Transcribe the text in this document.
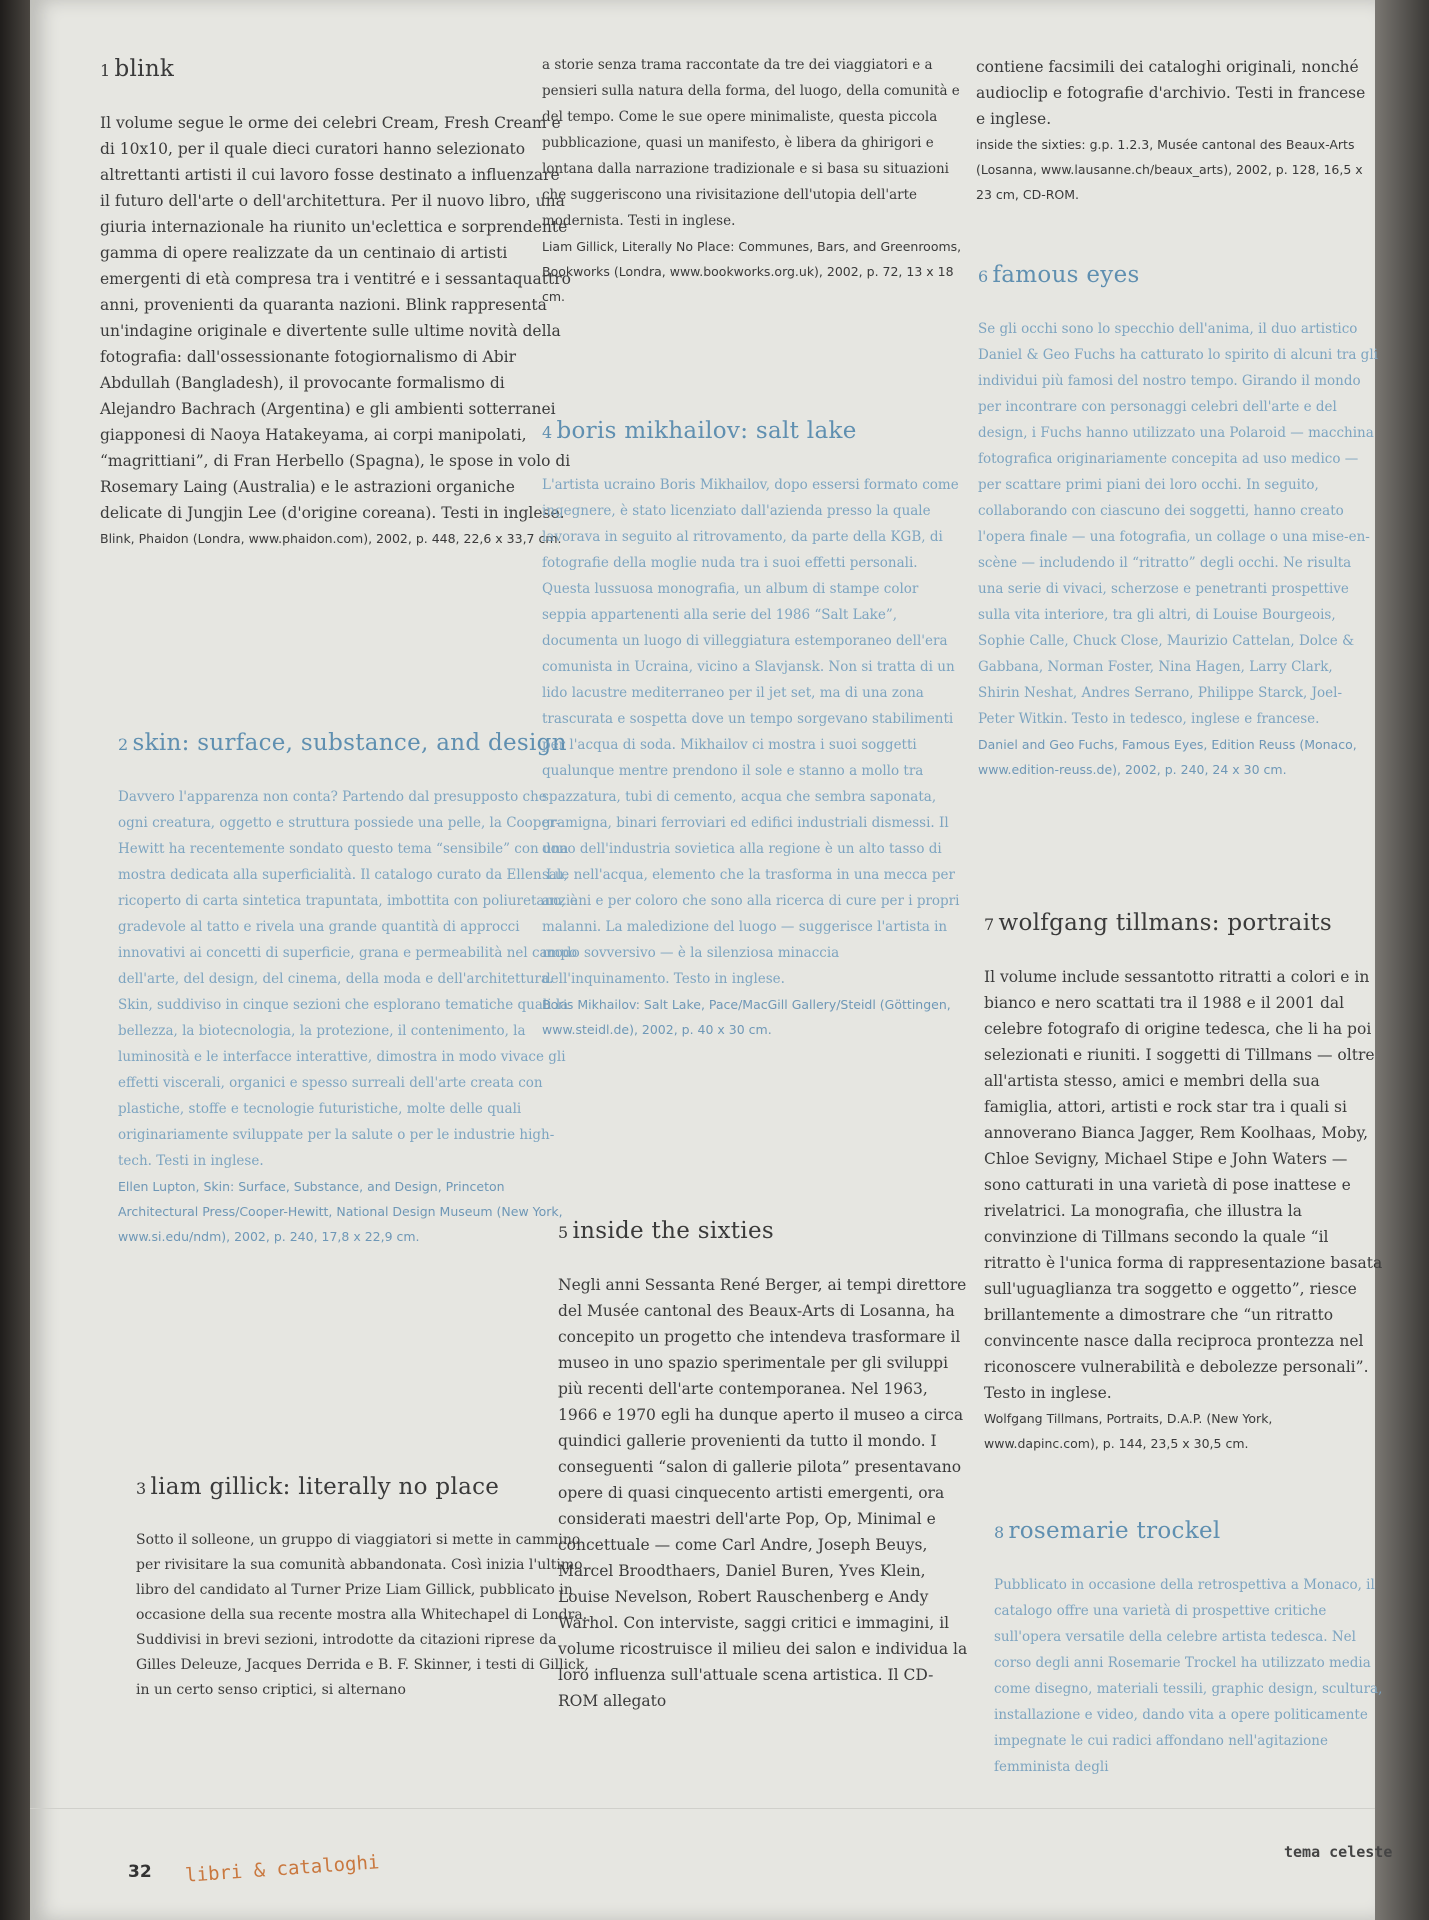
1 blink

Il volume segue le orme dei celebri Cream, Fresh Cream e di 10x10, per il quale dieci curatori hanno selezionato altrettanti artisti il cui lavoro fosse destinato a influenzare il futuro dell'arte o dell'architettura. Per il nuovo libro, una giuria internazionale ha riunito un'eclettica e sorprendente gamma di opere realizzate da un centinaio di artisti emergenti di età compresa tra i ventitré e i sessantaquattro anni, provenienti da quaranta nazioni. Blink rappresenta un'indagine originale e divertente sulle ultime novità della fotografia: dall'ossessionante fotogiornalismo di Abir Abdullah (Bangladesh), il provocante formalismo di Alejandro Bachrach (Argentina) e gli ambienti sotterranei giapponesi di Naoya Hatakeyama, ai corpi manipolati, “magrittiani”, di Fran Herbello (Spagna), le spose in volo di Rosemary Laing (Australia) e le astrazioni organiche delicate di Jungjin Lee (d'origine coreana). Testi in inglese.

Blink, Phaidon (Londra, www.phaidon.com), 2002, p. 448, 22,6 x 33,7 cm.

2 skin: surface, substance, and design

Davvero l'apparenza non conta? Partendo dal presupposto che ogni creatura, oggetto e struttura possiede una pelle, la Cooper-Hewitt ha recentemente sondato questo tema “sensibile” con una mostra dedicata alla superficialità. Il catalogo curato da Ellen Lu, ricoperto di carta sintetica trapuntata, imbottita con poliuretano, è gradevole al tatto e rivela una grande quantità di approcci innovativi ai concetti di superficie, grana e permeabilità nel campo dell'arte, del design, del cinema, della moda e dell'architettura. Skin, suddiviso in cinque sezioni che esplorano tematiche quali la bellezza, la biotecnologia, la protezione, il contenimento, la luminosità e le interfacce interattive, dimostra in modo vivace gli effetti viscerali, organici e spesso surreali dell'arte creata con plastiche, stoffe e tecnologie futuristiche, molte delle quali originariamente sviluppate per la salute o per le industrie high-tech. Testi in inglese.

Ellen Lupton, Skin: Surface, Substance, and Design, Princeton Architectural Press/Cooper-Hewitt, National Design Museum (New York, www.si.edu/ndm), 2002, p. 240, 17,8 x 22,9 cm.

3 liam gillick: literally no place

Sotto il solleone, un gruppo di viaggiatori si mette in cammino per rivisitare la sua comunità abbandonata. Così inizia l'ultimo libro del candidato al Turner Prize Liam Gillick, pubblicato in occasione della sua recente mostra alla Whitechapel di Londra. Suddivisi in brevi sezioni, introdotte da citazioni riprese da Gilles Deleuze, Jacques Derrida e B. F. Skinner, i testi di Gillick, in un certo senso criptici, si alternano

a storie senza trama raccontate da tre dei viaggiatori e a pensieri sulla natura della forma, del luogo, della comunità e del tempo. Come le sue opere minimaliste, questa piccola pubblicazione, quasi un manifesto, è libera da ghirigori e lontana dalla narrazione tradizionale e si basa su situazioni che suggeriscono una rivisitazione dell'utopia dell'arte modernista. Testi in inglese.

Liam Gillick, Literally No Place: Communes, Bars, and Greenrooms, Bookworks (Londra, www.bookworks.org.uk), 2002, p. 72, 13 x 18 cm.

4 boris mikhailov: salt lake

L'artista ucraino Boris Mikhailov, dopo essersi formato come ingegnere, è stato licenziato dall'azienda presso la quale lavorava in seguito al ritrovamento, da parte della KGB, di fotografie della moglie nuda tra i suoi effetti personali. Questa lussuosa monografia, un album di stampe color seppia appartenenti alla serie del 1986 “Salt Lake”, documenta un luogo di villeggiatura estemporaneo dell'era comunista in Ucraina, vicino a Slavjansk. Non si tratta di un lido lacustre mediterraneo per il jet set, ma di una zona trascurata e sospetta dove un tempo sorgevano stabilimenti per l'acqua di soda. Mikhailov ci mostra i suoi soggetti qualunque mentre prendono il sole e stanno a mollo tra spazzatura, tubi di cemento, acqua che sembra saponata, gramigna, binari ferroviari ed edifici industriali dismessi. Il dono dell'industria sovietica alla regione è un alto tasso di sale nell'acqua, elemento che la trasforma in una mecca per anziani e per coloro che sono alla ricerca di cure per i propri malanni. La maledizione del luogo — suggerisce l'artista in modo sovversivo — è la silenziosa minaccia dell'inquinamento. Testo in inglese.

Boris Mikhailov: Salt Lake, Pace/MacGill Gallery/Steidl (Göttingen, www.steidl.de), 2002, p. 40 x 30 cm.

5 inside the sixties

Negli anni Sessanta René Berger, ai tempi direttore del Musée cantonal des Beaux-Arts di Losanna, ha concepito un progetto che intendeva trasformare il museo in uno spazio sperimentale per gli sviluppi più recenti dell'arte contemporanea. Nel 1963, 1966 e 1970 egli ha dunque aperto il museo a circa quindici gallerie provenienti da tutto il mondo. I conseguenti “salon di gallerie pilota” presentavano opere di quasi cinquecento artisti emergenti, ora considerati maestri dell'arte Pop, Op, Minimal e concettuale — come Carl Andre, Joseph Beuys, Marcel Broodthaers, Daniel Buren, Yves Klein, Louise Nevelson, Robert Rauschenberg e Andy Warhol. Con interviste, saggi critici e immagini, il volume ricostruisce il milieu dei salon e individua la loro influenza sull'attuale scena artistica. Il CD-ROM allegato

contiene facsimili dei cataloghi originali, nonché audioclip e fotografie d'archivio. Testi in francese e inglese.

inside the sixties: g.p. 1.2.3, Musée cantonal des Beaux-Arts (Losanna, www.lausanne.ch/beaux_arts), 2002, p. 128, 16,5 x 23 cm, CD-ROM.

6 famous eyes

Se gli occhi sono lo specchio dell'anima, il duo artistico Daniel & Geo Fuchs ha catturato lo spirito di alcuni tra gli individui più famosi del nostro tempo. Girando il mondo per incontrare con personaggi celebri dell'arte e del design, i Fuchs hanno utilizzato una Polaroid — macchina fotografica originariamente concepita ad uso medico — per scattare primi piani dei loro occhi. In seguito, collaborando con ciascuno dei soggetti, hanno creato l'opera finale — una fotografia, un collage o una mise-en-scène — includendo il “ritratto” degli occhi. Ne risulta una serie di vivaci, scherzose e penetranti prospettive sulla vita interiore, tra gli altri, di Louise Bourgeois, Sophie Calle, Chuck Close, Maurizio Cattelan, Dolce & Gabbana, Norman Foster, Nina Hagen, Larry Clark, Shirin Neshat, Andres Serrano, Philippe Starck, Joel-Peter Witkin. Testo in tedesco, inglese e francese.

Daniel and Geo Fuchs, Famous Eyes, Edition Reuss (Monaco, www.edition-reuss.de), 2002, p. 240, 24 x 30 cm.

7 wolfgang tillmans: portraits

Il volume include sessantotto ritratti a colori e in bianco e nero scattati tra il 1988 e il 2001 dal celebre fotografo di origine tedesca, che li ha poi selezionati e riuniti. I soggetti di Tillmans — oltre all'artista stesso, amici e membri della sua famiglia, attori, artisti e rock star tra i quali si annoverano Bianca Jagger, Rem Koolhaas, Moby, Chloe Sevigny, Michael Stipe e John Waters — sono catturati in una varietà di pose inattese e rivelatrici. La monografia, che illustra la convinzione di Tillmans secondo la quale “il ritratto è l'unica forma di rappresentazione basata sull'uguaglianza tra soggetto e oggetto”, riesce brillantemente a dimostrare che “un ritratto convincente nasce dalla reciproca prontezza nel riconoscere vulnerabilità e debolezze personali”. Testo in inglese.

Wolfgang Tillmans, Portraits, D.A.P. (New York, www.dapinc.com), p. 144, 23,5 x 30,5 cm.

8 rosemarie trockel

Pubblicato in occasione della retrospettiva a Monaco, il catalogo offre una varietà di prospettive critiche sull'opera versatile della celebre artista tedesca. Nel corso degli anni Rosemarie Trockel ha utilizzato media come disegno, materiali tessili, graphic design, scultura, installazione e video, dando vita a opere politicamente impegnate le cui radici affondano nell'agitazione femminista degli

32 libri & cataloghi	tema celeste
